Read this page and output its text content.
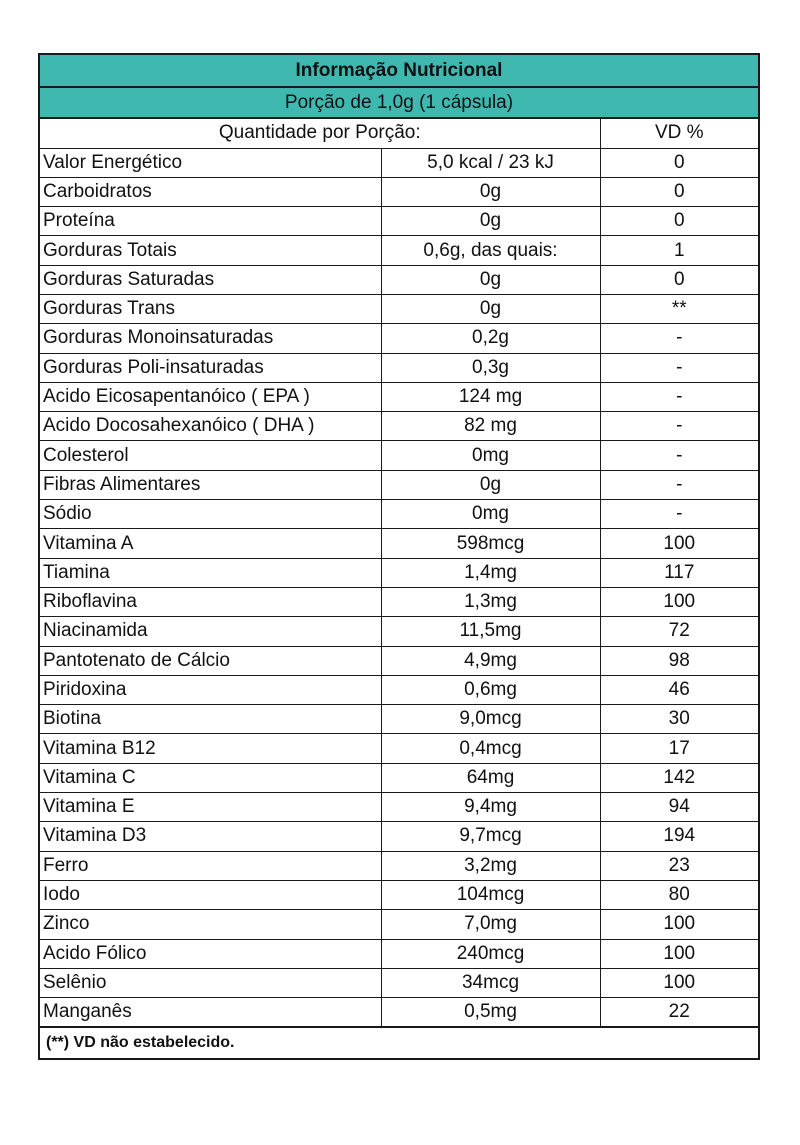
Informação Nutricional
Porção de 1,0g (1 cápsula)
Quantidade por Porção:		VD %
Valor Energético	5,0 kcal / 23 kJ	0
Carboidratos	0g	0
Proteína	0g	0
Gorduras Totais	0,6g, das quais:	1
Gorduras Saturadas	0g	0
Gorduras Trans	0g	**
Gorduras Monoinsaturadas	0,2g	-
Gorduras Poli-insaturadas	0,3g	-
Acido Eicosapentanóico ( EPA )	124 mg	-
Acido Docosahexanóico ( DHA )	82 mg	-
Colesterol	0mg	-
Fibras Alimentares	0g	-
Sódio	0mg	-
Vitamina A	598mcg	100
Tiamina	1,4mg	117
Riboflavina	1,3mg	100
Niacinamida	11,5mg	72
Pantotenato de Cálcio	4,9mg	98
Piridoxina	0,6mg	46
Biotina	9,0mcg	30
Vitamina B12	0,4mcg	17
Vitamina C	64mg	142
Vitamina E	9,4mg	94
Vitamina D3	9,7mcg	194
Ferro	3,2mg	23
Iodo	104mcg	80
Zinco	7,0mg	100
Acido Fólico	240mcg	100
Selênio	34mcg	100
Manganês	0,5mg	22
(**) VD não estabelecido.
